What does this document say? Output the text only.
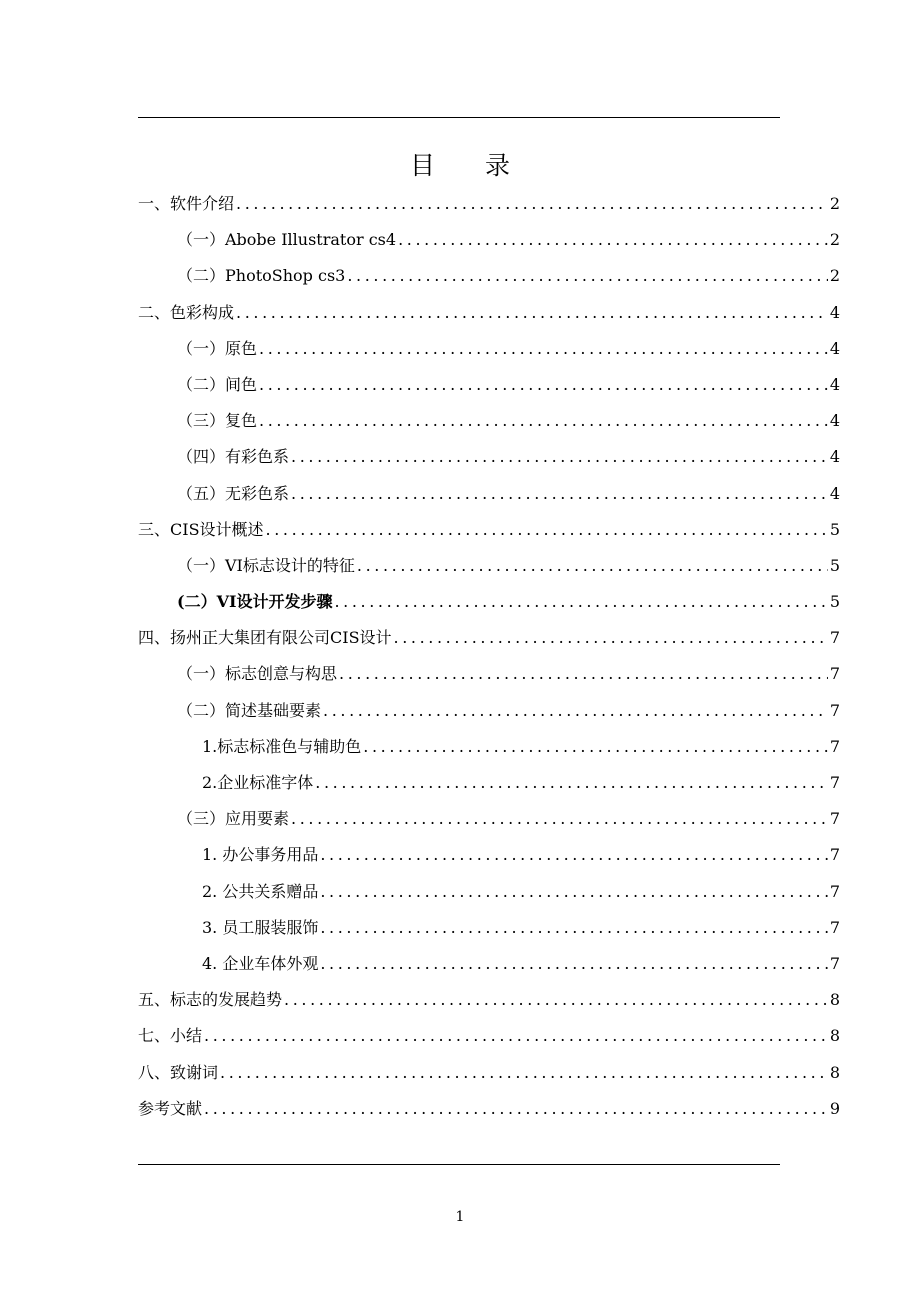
目　　录
一、软件介绍 .....	2
（一）Abobe Illustrator cs4 .....	2
（二）PhotoShop cs3 .....	2
二、色彩构成 .....	4
（一）原色 .....	4
（二）间色 .....	4
（三）复色 .....	4
（四）有彩色系 .....	4
（五）无彩色系 .....	4
三、CIS设计概述 .....	5
（一）VI标志设计的特征 .....	5
(二）VI设计开发步骤 .....	5
四、扬州正大集团有限公司CIS设计 .....	7
（一）标志创意与构思 .....	7
（二）简述基础要素 .....	7
1.标志标准色与辅助色 .....	7
2.企业标准字体 .....	7
（三）应用要素 .....	7
1. 办公事务用品 .....	7
2. 公共关系赠品 .....	7
3. 员工服装服饰 .....	7
4. 企业车体外观 .....	7
五、标志的发展趋势 .....	8
七、小结 .....	8
八、致谢词 .....	8
参考文献 .....	9
1
